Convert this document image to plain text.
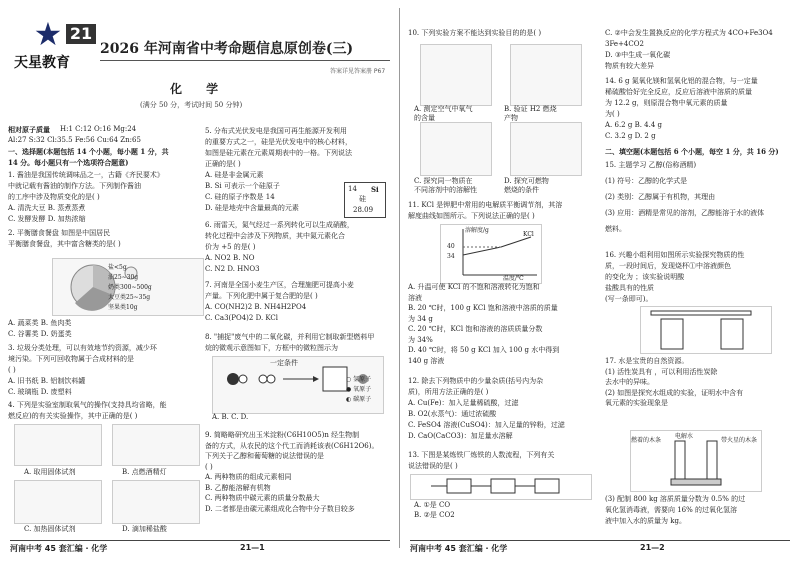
★ 21
天星教育
2026 年河南省中考命题信息原创卷(三)
答案详见答案册 P67
化 学
(满分 50 分，考试时间 50 分钟)
相对原子质量 H:1 C:12 O:16 Mg:24
Al:27 S:32 Cl:35.5 Fe:56 Cu:64 Zn:65
一、选择题(本题包括 14 个小题，每小题 1 分，共
14 分。每小题只有一个选项符合题意)
1. 酱油是我国传统调味品之一，古籍《齐民要术》
中就记载有酱油的制作方法。下列制作酱油
的工序中涉及物质变化的是( )
A. 清洗大豆 B. 蒸煮蒸煮
C. 发酵发酵 D. 加热浓缩
2. 平衡膳食餐盘 如图是中国居民
平衡膳食餐盘，其中富含糖类的是( )
盐<5g
油25~30g
奶类300~500g
大豆类25~35g
坚果类10g
A. 蔬菜类 B. 鱼肉类
C. 谷薯类 D. 奶蛋类
3. 垃圾分类处理，可以有效地节约资源，减少环
境污染。下列可回收物属于合成材料的是
( )
A. 旧书纸 B. 铝制饮料罐
C. 玻璃瓶 D. 废塑料
4. 下列是实验室制取氧气的操作(支持具均省略，能
燃反应)的有关实验操作，其中正确的是( )
A. 取用固体试剂	B. 点燃酒精灯
C. 加热固体试剂	D. 滴加稀盐酸
5. 分布式光伏发电是我国可再生能源开发利用
的重要方式之一，硅是光伏发电中的核心材料，
如图是硅元素在元素周期表中的一格。下列说法
正确的是( )
A. 硅是非金属元素
B. Si 可表示一个硅原子
C. 硅的原子序数是 14
D. 硅是地壳中含量最高的元素
14 Si
硅
28.09
6. 雨雷天，氮气经过一系列转化可以生成硝酸，
转化过程中会涉及下列物质，其中氮元素化合
价为 +5 的是( )
A. NO2 B. NO
C. N2 D. HNO3
7. 河南是全国小麦生产区，合理施肥可提高小麦
产量。下列化肥中属于复合肥的是( )
A. CO(NH2)2 B. NH4H2PO4
C. Ca3(PO4)2 D. KCl
8. "捕捉"废气中的二氧化碳，并利用它制取新型燃料甲
烷的微观示意图如下，方框中的微粒图示为
一定条件
○ 氢原子
● 氧原子
◐ 碳原子
A. B. C. D.
9. 简略略研究出玉米淀粉(C6H10O5)n 经生物制
备的方式，从农民的这个代工而消耗该表(C6H12O6)。
下列关于乙醇和葡萄糖的说法错误的是
( )
A. 两种物质的组成元素相同
B. 乙醇能溶解有机物
C. 两种物质中碳元素的质量分数最大
D. 二者都是由碳元素组成化合物中分子数目较多
河南中考 45 套汇编 · 化学	21—1
10. 下列实验方案不能达到实验目的的是( )
A. 测定空气中氧气
的含量
B. 验证 H2 燃烧
产物
C. 探究同一物质在
不同溶剂中的溶解性
D. 探究可燃物
燃烧的条件
11. KCl 是钾肥中常用的电解质平衡调节剂，其溶
解度曲线如图所示。下列说法正确的是( )
溶解度/g
KCl
40
34
温度/℃
A. 升温可使 KCl 的不饱和溶液转化为饱和
溶液
B. 20 ℃时，100 g KCl 饱和溶液中溶质的质量
为 34 g
C. 20 ℃时，KCl 饱和溶液的溶质质量分数
为 34%
D. 40 ℃时，将 50 g KCl 加入 100 g 水中得到
140 g 溶液
12. 除去下列物质中的少量杂质(括号内为杂
质)，所用方法正确的是( )
A. Cu(Fe)：加入足量稀硫酸，过滤
B. O2(水蒸气)：通过浓硫酸
C. FeSO4 溶液(CuSO4)：加入足量的锌粉，过滤
D. CaO(CaCO3)：加足量水溶解
13. 下图是某炼铁厂炼铁的人数流程，下列有关
说法错误的是( )
A. ①是 CO
B. ②是 CO2
C. ②中会发生置换反应的化学方程式为 4CO+Fe3O4
3Fe+4CO2
D. ③中生成一氧化碳
物质有较大差异
14. 6 g 氮氧化镁和氢氧化铝的混合物，与一定量
稀硫酸恰好完全反应，反应后溶液中溶质的质量
为 12.2 g，则原混合物中氧元素的质量
为( )
A. 6.2 g B. 4.4 g
C. 3.2 g D. 2 g
二、填空题(本题包括 6 个小题，每空 1 分，共 16 分)
15. 主题学习 乙醇(俗称酒精)
(1) 符号：乙醇的化学式是
(2) 类别：乙醇属于有机物，其理由
(3) 应用：酒精是常见的溶剂，乙醇能溶于水的液体
燃料。
16. 兴趣小组利用如图所示实验探究物质的性
质，一段时间后，发现烧杯①中溶液颜色
的变化为 ；该实验说明酸
盐酸具有的性质
(写一条即可)。
17. 水是宝贵的自然资源。
(1) 活性炭具有 ，可以利用活性炭除
去水中的异味。
(2) 如图是探究水组成的实验，证明水中含有
氧元素的实验现象是
燃着的木条	带火星的木条
电解水
(3) 配制 800 kg 溶质质量分数为 0.5% 的过
氧化氢消毒液，需要向 16% 的过氧化氢溶
液中加入水的质量为 kg。
河南中考 45 套汇编 · 化学	21—2
